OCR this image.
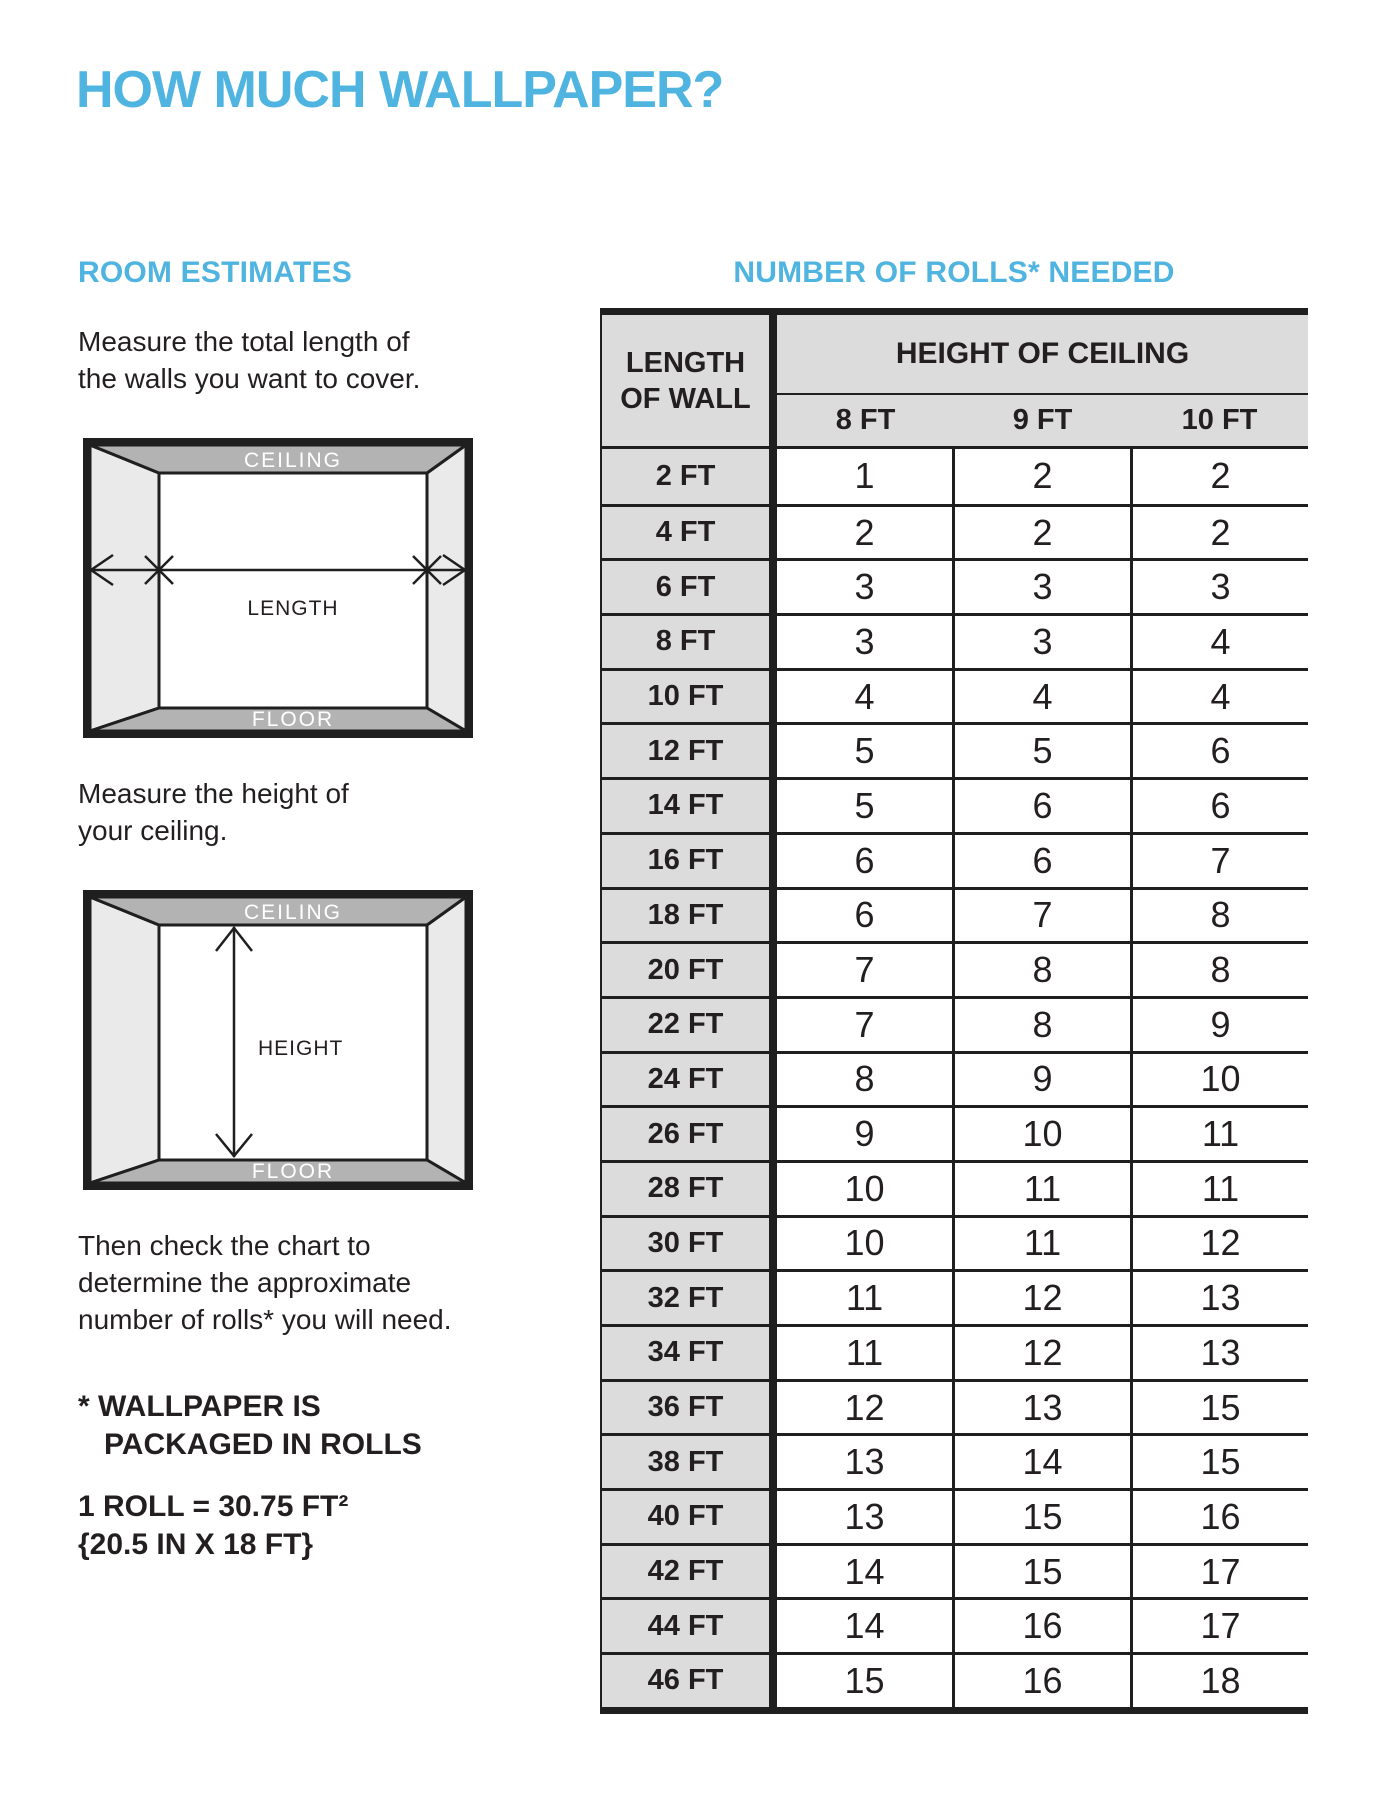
HOW MUCH WALLPAPER?
ROOM ESTIMATES
Measure the total length of
the walls you want to cover.
CEILING
FLOOR
LENGTH
Measure the height of
your ceiling.
CEILING
FLOOR
HEIGHT
Then check the chart to
determine the approximate
number of rolls* you will need.
* WALLPAPER IS
PACKAGED IN ROLLS
1 ROLL = 30.75 FT²
{20.5 IN X 18 FT}
NUMBER OF ROLLS* NEEDED
LENGTH
OF WALL
HEIGHT OF CEILING
8 FT	9 FT	10 FT
2 FT	1	2	2
4 FT	2	2	2
6 FT	3	3	3
8 FT	3	3	4
10 FT	4	4	4
12 FT	5	5	6
14 FT	5	6	6
16 FT	6	6	7
18 FT	6	7	8
20 FT	7	8	8
22 FT	7	8	9
24 FT	8	9	10
26 FT	9	10	11
28 FT	10	11	11
30 FT	10	11	12
32 FT	11	12	13
34 FT	11	12	13
36 FT	12	13	15
38 FT	13	14	15
40 FT	13	15	16
42 FT	14	15	17
44 FT	14	16	17
46 FT	15	16	18
